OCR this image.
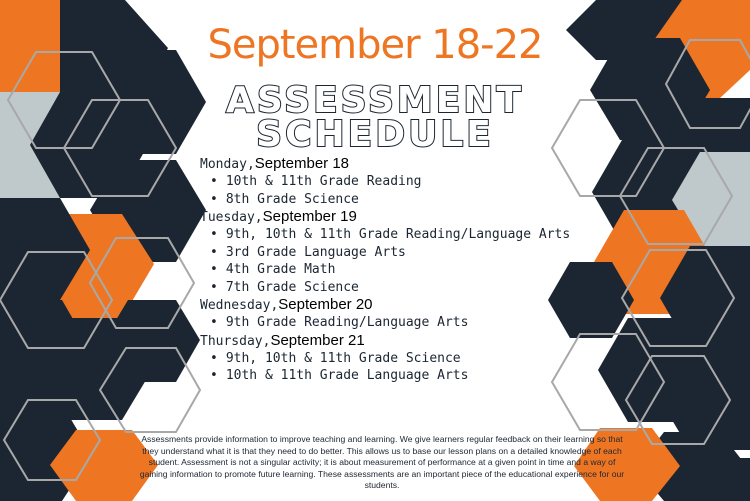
September 18-22
ASSESSMENT
SCHEDULE
Monday,September 18
• 10th & 11th Grade Reading
• 8th Grade Science
Tuesday,September 19
• 9th, 10th & 11th Grade Reading/Language Arts
• 3rd Grade Language Arts
• 4th Grade Math
• 7th Grade Science
Wednesday,September 20
• 9th Grade Reading/Language Arts
Thursday,September 21
• 9th, 10th & 11th Grade Science
• 10th & 11th Grade Language Arts
Assessments provide information to improve teaching and learning. We give learners regular feedback on their learning so that they understand what it is that they need to do better. This allows us to base our lesson plans on a detailed knowledge of each student. Assessment is not a singular activity; it is about measurement of performance at a given point in time and a way of gaining information to promote future learning. These assessments are an important piece of the educational experience for our students.
